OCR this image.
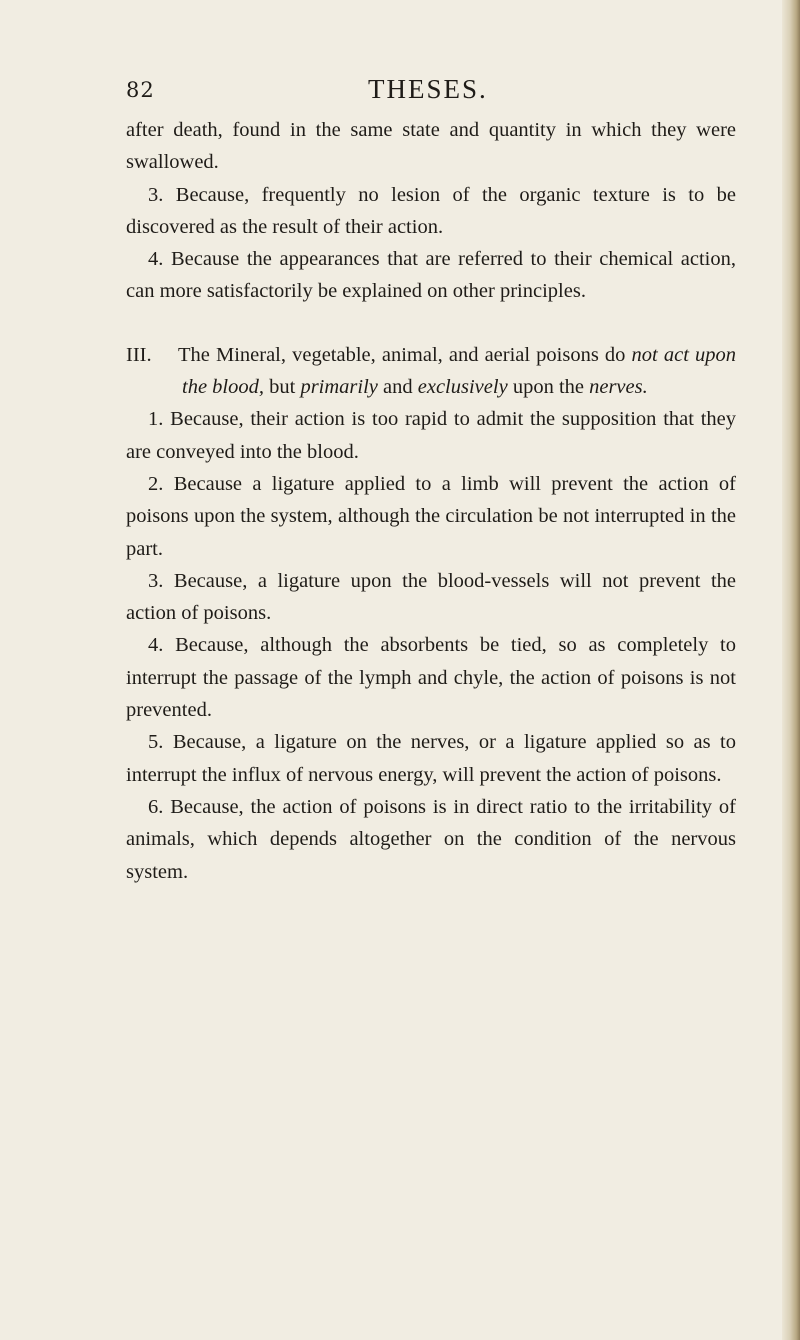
82	THESES.

after death, found in the same state and quantity in which they were swallowed.

3. Because, frequently no lesion of the organic texture is to be discovered as the result of their action.

4. Because the appearances that are referred to their chemical action, can more satisfactorily be explained on other principles.

III. The Mineral, vegetable, animal, and aerial poisons do not act upon the blood, but primarily and exclusively upon the nerves.

1. Because, their action is too rapid to admit the supposition that they are conveyed into the blood.

2. Because a ligature applied to a limb will prevent the action of poisons upon the system, although the circulation be not interrupted in the part.

3. Because, a ligature upon the blood-vessels will not prevent the action of poisons.

4. Because, although the absorbents be tied, so as completely to interrupt the passage of the lymph and chyle, the action of poisons is not prevented.

5. Because, a ligature on the nerves, or a ligature applied so as to interrupt the influx of nervous energy, will prevent the action of poisons.

6. Because, the action of poisons is in direct ratio to the irritability of animals, which depends altogether on the condition of the nervous system.
